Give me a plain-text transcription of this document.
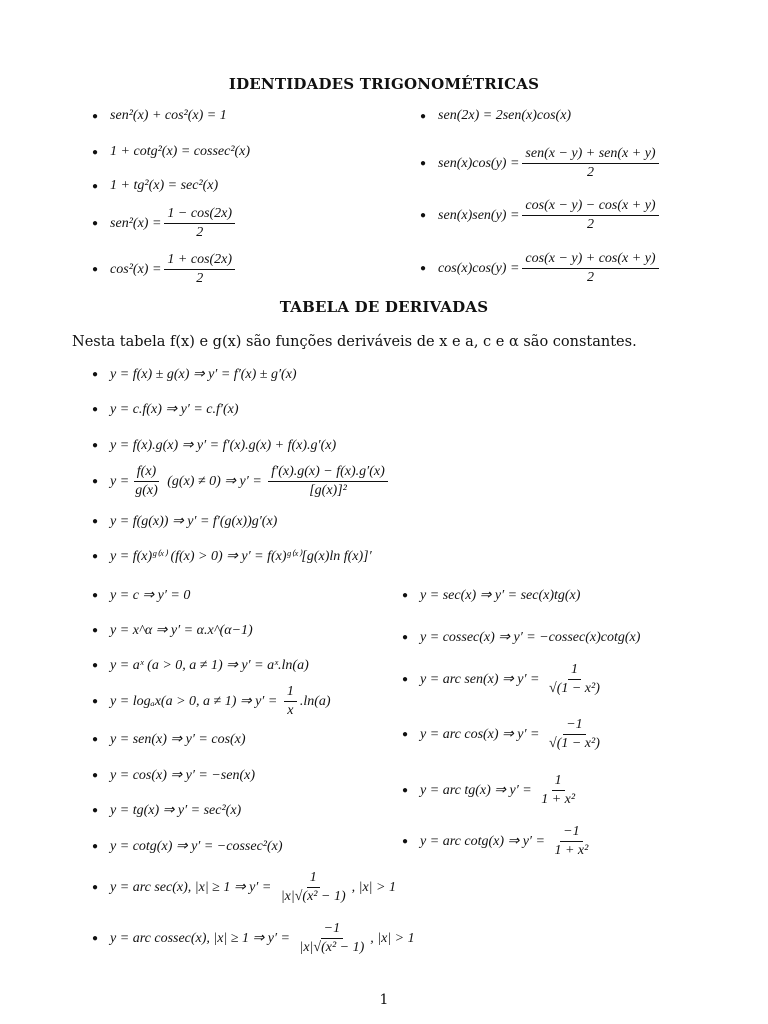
IDENTIDADES TRIGONOMÉTRICAS
● sen²(x) + cos²(x) = 1
● 1 + cotg²(x) = cossec²(x)
● 1 + tg²(x) = sec²(x)
● $sen^2(x) = \frac{1 - \cos(2x)}{2}$
● $\cos^2(x) = \frac{1 + \cos(2x)}{2}$
● sen(2x) = 2sen(x)cos(x)
● $sen(x)\cos(y) = \frac{\text{sen(x − y) + sen(x + y)}}{2}$
● $sen(x)sen(y) = \frac{\cos(x - y) - \cos(x + y)}{2}$
● $\cos(x)\cos(y) = \frac{\cos(x - y) + \cos(x + y)}{2}$
TABELA DE DERIVADAS
Nesta tabela f(x) e g(x) são funções deriváveis de x e a, c e α são constantes.
● y = f(x) ± g(x) ⇒ y′ = f′(x) ± g′(x)
● y = c.f(x) ⇒ y′ = c.f′(x)
● y = f(x).g(x) ⇒ y′ = f′(x).g(x) + f(x).g′(x)
● $y = \frac{f(x)}{g(x)} (g(x) \ne 0)$ ⇒ $y' = \frac{f'(x).g(x) - f(x).g'(x)}{\text{[g(x)]²}}$
● y = f(g(x)) ⇒ y′ = f′(g(x))g′(x)
● y = f(x)ᵍ⁽ˣ⁾ (f(x) > 0) ⇒ y′ = f(x)ᵍ⁽ˣ⁾[g(x)ln f(x)]′
● y = c ⇒ y′ = 0
● y = x^α ⇒ y′ = α.x^(α−1)
● y = aˣ (a > 0, a ≠ 1) ⇒ y′ = aˣ.ln(a)
● y = logₐx(a > 0, a ≠ 1) ⇒ $y' = \frac{1}{x} .\ln(a)$
● y = sen(x) ⇒ y′ = cos(x)
● y = cos(x) ⇒ y′ = −sen(x)
● y = tg(x) ⇒ y′ = sec²(x)
● y = cotg(x) ⇒ y′ = −cossec²(x)
● y = sec(x) ⇒ y′ = sec(x)tg(x)
● y = cossec(x) ⇒ y′ = −cossec(x)cotg(x)
● y = arc sen(x) ⇒ $y' = \frac{1}{\text{√(1 − x²)}}$
● y = arc cos(x) ⇒ $y' = \frac{-1}{\text{√(1 − x²)}}$
● y = arc tg(x) ⇒ $y' = \frac{1}{\text{1 + x²}}$
● y = arc cotg(x) ⇒ $y' = \frac{-1}{\text{1 + x²}}$
● y = arc sec(x), |x| ≥ 1 ⇒ $y' = \frac{1}{\text{|x|√(x² − 1)}}$ , |x| > 1
● y = arc cossec(x), |x| ≥ 1 ⇒ $y' = \frac{-1}{\text{|x|√(x² − 1)}}$ , |x| > 1
1
